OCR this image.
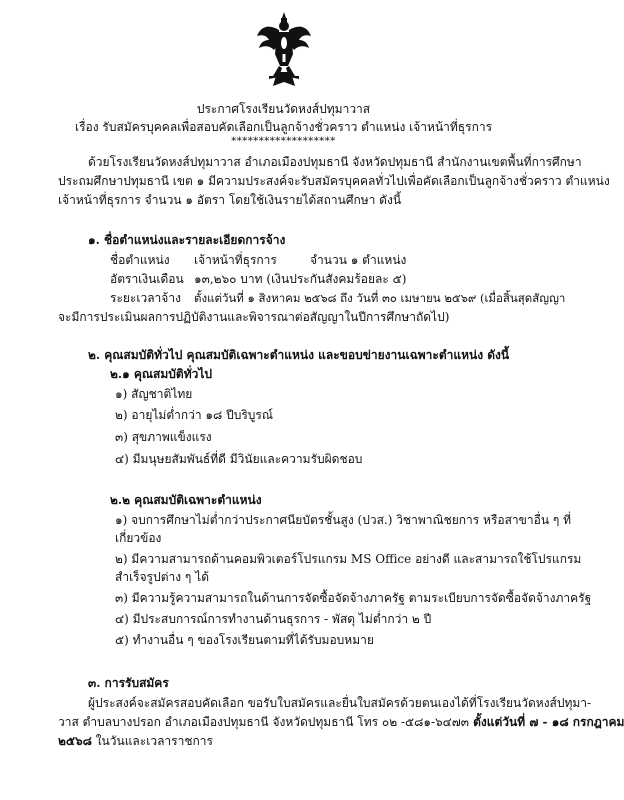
ประกาศโรงเรียนวัดหงส์ปทุมาวาส
เรื่อง รับสมัครบุคคลเพื่อสอบคัดเลือกเป็นลูกจ้างชั่วคราว ตำแหน่ง เจ้าหน้าที่ธุรการ
*******************
ด้วยโรงเรียนวัดหงส์ปทุมาวาส อำเภอเมืองปทุมธานี จังหวัดปทุมธานี สำนักงานเขตพื้นที่การศึกษา
ประถมศึกษาปทุมธานี เขต ๑ มีความประสงค์จะรับสมัครบุคคลทั่วไปเพื่อคัดเลือกเป็นลูกจ้างชั่วคราว ตำแหน่ง
เจ้าหน้าที่ธุรการ จำนวน ๑ อัตรา โดยใช้เงินรายได้สถานศึกษา ดังนี้
๑. ชื่อตำแหน่งและรายละเอียดการจ้าง
ชื่อตำแหน่ง เจ้าหน้าที่ธุรการ	จำนวน ๑ ตำแหน่ง
อัตราเงินเดือน ๑๓,๒๖๐ บาท (เงินประกันสังคมร้อยละ ๕)
ระยะเวลาจ้าง ตั้งแต่วันที่ ๑ สิงหาคม ๒๕๖๘ ถึง วันที่ ๓๐ เมษายน ๒๕๖๙ (เมื่อสิ้นสุดสัญญา
จะมีการประเมินผลการปฏิบัติงานและพิจารณาต่อสัญญาในปีการศึกษาถัดไป)
๒. คุณสมบัติทั่วไป คุณสมบัติเฉพาะตำแหน่ง และขอบข่ายงานเฉพาะตำแหน่ง ดังนี้
๒.๑ คุณสมบัติทั่วไป
๑) สัญชาติไทย
๒) อายุไม่ต่ำกว่า ๑๘ ปีบริบูรณ์
๓) สุขภาพแข็งแรง
๔) มีมนุษยสัมพันธ์ที่ดี มีวินัยและความรับผิดชอบ
๒.๒ คุณสมบัติเฉพาะตำแหน่ง
๑) จบการศึกษาไม่ต่ำกว่าประกาศนียบัตรชั้นสูง (ปวส.) วิชาพาณิชยการ หรือสาขาอื่น ๆ ที่
เกี่ยวข้อง
๒) มีความสามารถด้านคอมพิวเตอร์โปรแกรม MS Office อย่างดี และสามารถใช้โปรแกรม
สำเร็จรูปต่าง ๆ ได้
๓) มีความรู้ความสามารถในด้านการจัดซื้อจัดจ้างภาครัฐ ตามระเบียบการจัดซื้อจัดจ้างภาครัฐ
๔) มีประสบการณ์การทำงานด้านธุรการ - พัสดุ ไม่ต่ำกว่า ๒ ปี
๕) ทำงานอื่น ๆ ของโรงเรียนตามที่ได้รับมอบหมาย
๓. การรับสมัคร
ผู้ประสงค์จะสมัครสอบคัดเลือก ขอรับใบสมัครและยื่นใบสมัครด้วยตนเองได้ที่โรงเรียนวัดหงส์ปทุมา-
วาส ตำบลบางปรอก อำเภอเมืองปทุมธานี จังหวัดปทุมธานี โทร ๐๒ -๕๘๑-๖๔๗๓ ตั้งแต่วันที่ ๗ - ๑๘ กรกฎาคม
๒๕๖๘ ในวันและเวลาราชการ
